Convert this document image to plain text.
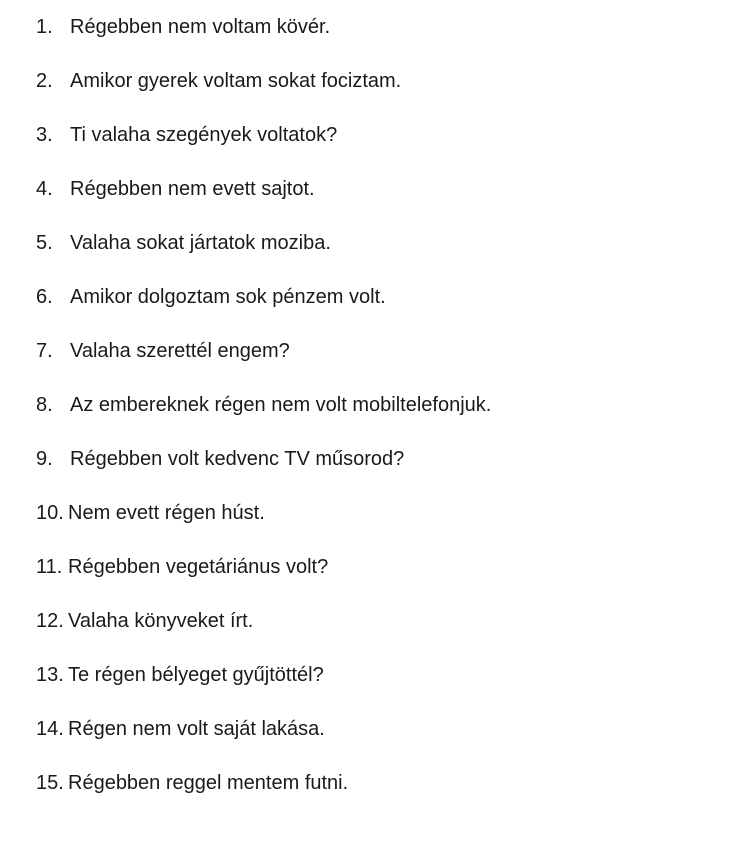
1. Régebben nem voltam kövér.
2. Amikor gyerek voltam sokat fociztam.
3. Ti valaha szegények voltatok?
4. Régebben nem evett sajtot.
5. Valaha sokat jártatok moziba.
6. Amikor dolgoztam sok pénzem volt.
7. Valaha szerettél engem?
8. Az embereknek régen nem volt mobiltelefonjuk.
9. Régebben volt kedvenc TV műsorod?
10. Nem evett régen húst.
11. Régebben vegetáriánus volt?
12. Valaha könyveket írt.
13. Te régen bélyeget gyűjtöttél?
14. Régen nem volt saját lakása.
15. Régebben reggel mentem futni.
